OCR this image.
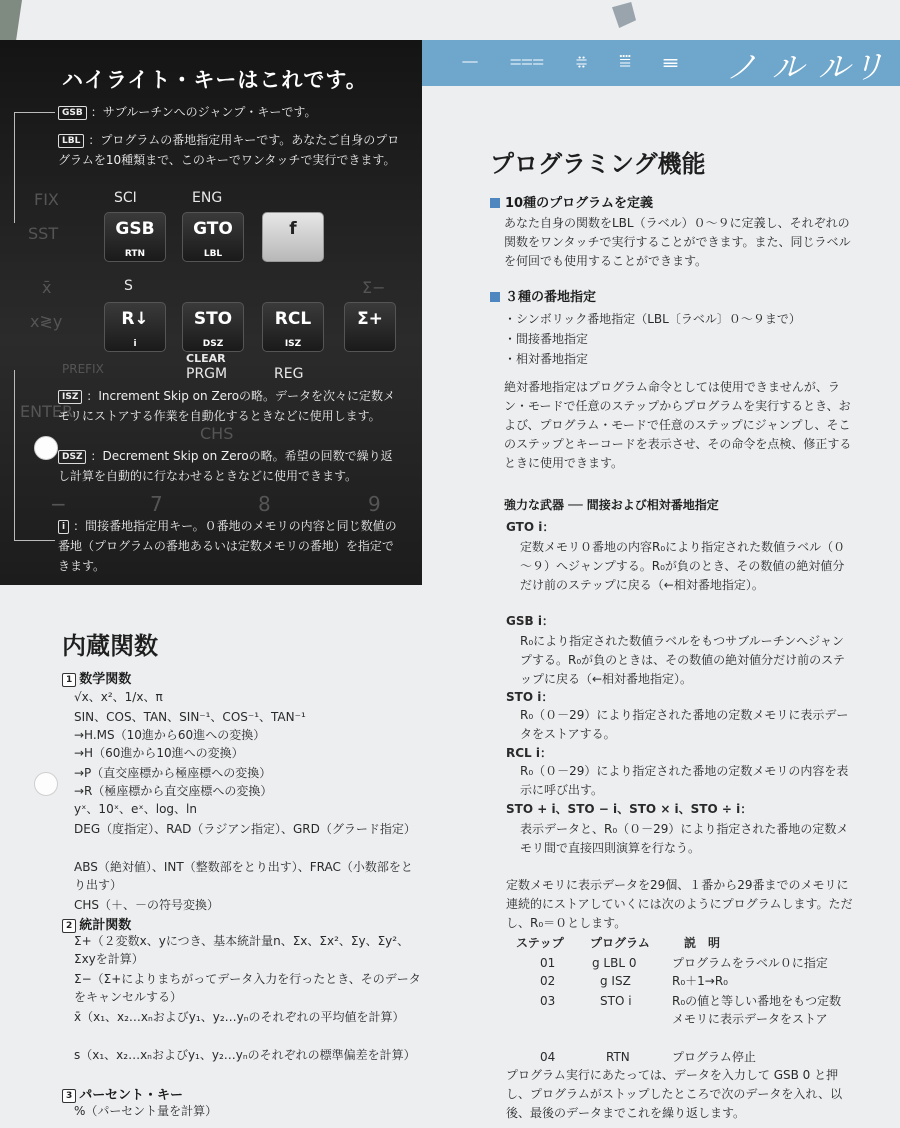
ハイライト・キーはこれです。
GSB ：サブルーチンへのジャンプ・キーです。
LBL ：プログラムの番地指定用キーです。あなたご自身のプログラムを10種類まで、このキーでワンタッチで実行できます。
FIX
SST
SCI	ENG
GSB
RTN
GTO
LBL
f
x̄	S	Σ−
x≷y	R↓
i
STO
DSZ
RCL
ISZ
Σ+
CLEAR
PRGM	REG
PREFIX
ENTER
CHS
ISZ ：Increment Skip on Zeroの略。データを次々に定数メモリにストアする作業を自動化するときなどに使用します。
DSZ ：Decrement Skip on Zeroの略。希望の回数で繰り返し計算を自動的に行なわせるときなどに使用できます。
−	7	8	9
i ：間接番地指定用キー。０番地のメモリの内容と同じ数値の番地（プログラムの番地あるいは定数メモリの番地）を指定できます。
⏤ ⩶ ⩷ ⩸ ☰ ノ ル ルリ
内蔵関数
1 数学関数
√x、x²、1/x、π
SIN、COS、TAN、SIN⁻¹、COS⁻¹、TAN⁻¹
→H.MS（10進から60進への変換）
→H（60進から10進への変換）
→P（直交座標から極座標への変換）
→R（極座標から直交座標への変換）
yˣ、10ˣ、eˣ、log、ln
DEG（度指定）、RAD（ラジアン指定）、GRD（グラード指定）
ABS（絶対値）、INT（整数部をとり出す）、FRAC（小数部をとり出す）
CHS（＋、－の符号変換）
2 統計関数
Σ+（２変数x、yにつき、基本統計量n、Σx、Σx²、Σy、Σy²、Σxyを計算）
Σ−（Σ+によりまちがってデータ入力を行ったとき、そのデータをキャンセルする）
x̄（x₁、x₂…xₙおよびy₁、y₂…yₙのそれぞれの平均値を計算）
s（x₁、x₂…xₙおよびy₁、y₂…yₙのそれぞれの標準偏差を計算）
3 パーセント・キー
%（パーセント量を計算）
プログラミング機能
10種のプログラムを定義
あなた自身の関数をLBL（ラベル）０～９に定義し、それぞれの関数をワンタッチで実行することができます。また、同じラベルを何回でも使用することができます。
３種の番地指定
・シンボリック番地指定（LBL〔ラベル〕０～９まで）
・間接番地指定
・相対番地指定
絶対番地指定はプログラム命令としては使用できませんが、ラン・モードで任意のステップからプログラムを実行するとき、および、プログラム・モードで任意のステップにジャンプし、そこのステップとキーコードを表示させ、その命令を点検、修正するときに使用できます。
強力な武器 ── 間接および相対番地指定
GTO i：
定数メモリ０番地の内容R₀により指定された数値ラベル（０～９）へジャンプする。R₀が負のとき、その数値の絶対値分だけ前のステップに戻る（←相対番地指定）。
GSB i：
R₀により指定された数値ラベルをもつサブルーチンへジャンプする。R₀が負のときは、その数値の絶対値分だけ前のステップに戻る（←相対番地指定）。
STO i：
R₀（０－29）により指定された番地の定数メモリに表示データをストアする。
RCL i：
R₀（０－29）により指定された番地の定数メモリの内容を表示に呼び出す。
STO + i、STO − i、STO × i、STO ÷ i：
表示データと、R₀（０－29）により指定された番地の定数メモリ間で直接四則演算を行なう。
定数メモリに表示データを29個、１番から29番までのメモリに連続的にストアしていくには次のようにプログラムします。ただし、R₀＝０とします。
ステップ プログラム	説　明
01	g LBL 0	プログラムをラベル０に指定
02	g ISZ	R₀＋1→R₀
03	STO i	R₀の値と等しい番地をもつ定数メモリに表示データをストア
04	RTN	プログラム停止
プログラム実行にあたっては、データを入力して GSB 0 と押し、プログラムがストップしたところで次のデータを入れ、以後、最後のデータまでこれを繰り返します。
